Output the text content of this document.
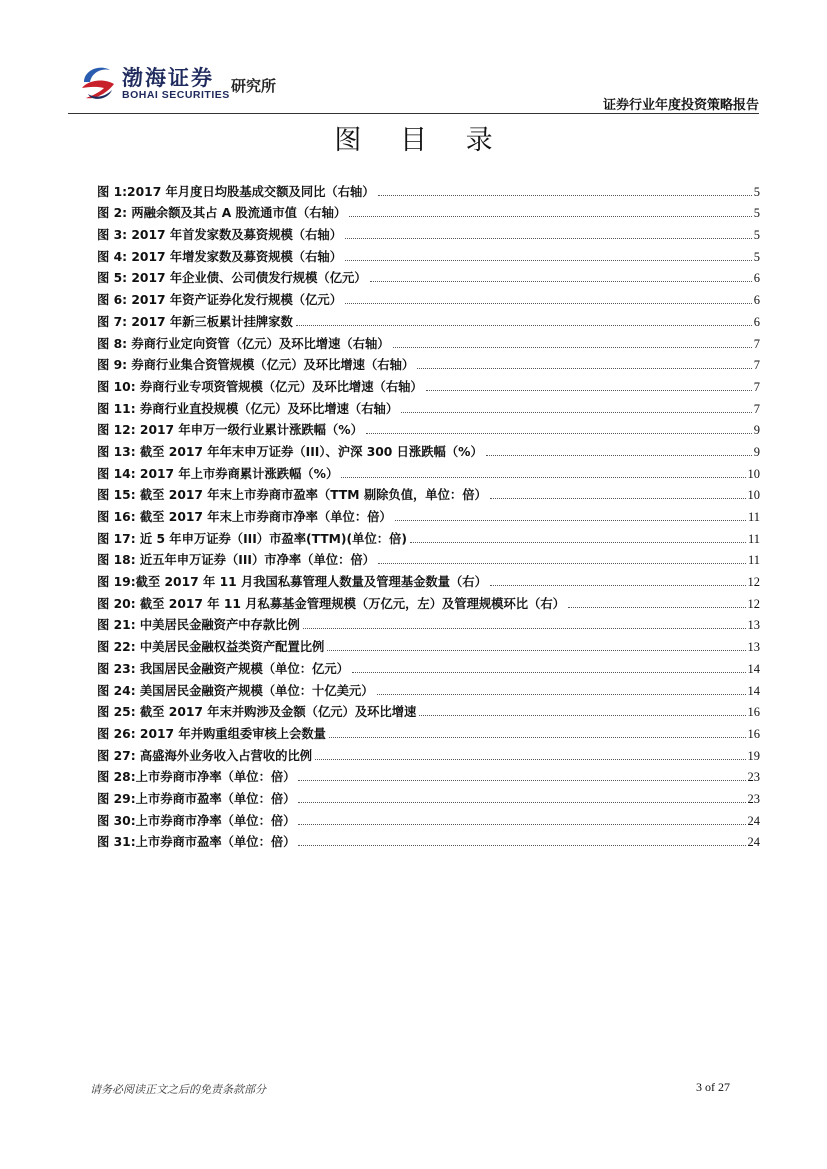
渤海证券
BOHAI SECURITIES 研究所
证券行业年度投资策略报告
图 目 录
图 1:2017 年月度日均股基成交额及同比（右轴）	5
图 2: 两融余额及其占 A 股流通市值（右轴）	5
图 3: 2017 年首发家数及募资规模（右轴）	5
图 4: 2017 年增发家数及募资规模（右轴）	5
图 5: 2017 年企业债、公司债发行规模（亿元）	6
图 6: 2017 年资产证券化发行规模（亿元）	6
图 7: 2017 年新三板累计挂牌家数	6
图 8: 券商行业定向资管（亿元）及环比增速（右轴）	7
图 9: 券商行业集合资管规模（亿元）及环比增速（右轴）	7
图 10: 券商行业专项资管规模（亿元）及环比增速（右轴）	7
图 11: 券商行业直投规模（亿元）及环比增速（右轴）	7
图 12: 2017 年申万一级行业累计涨跌幅（%）	9
图 13: 截至 2017 年年末申万证券（III）、沪深 300 日涨跌幅（%）	9
图 14: 2017 年上市券商累计涨跌幅（%）	10
图 15: 截至 2017 年末上市券商市盈率（TTM 剔除负值，单位：倍）	10
图 16: 截至 2017 年末上市券商市净率（单位：倍）	11
图 17: 近 5 年申万证券（III）市盈率(TTM)(单位：倍)	11
图 18: 近五年申万证券（III）市净率（单位：倍）	11
图 19:截至 2017 年 11 月我国私募管理人数量及管理基金数量（右）	12
图 20: 截至 2017 年 11 月私募基金管理规模（万亿元，左）及管理规模环比（右）	12
图 21: 中美居民金融资产中存款比例	13
图 22: 中美居民金融权益类资产配置比例	13
图 23: 我国居民金融资产规模（单位：亿元）	14
图 24: 美国居民金融资产规模（单位：十亿美元）	14
图 25: 截至 2017 年末并购涉及金额（亿元）及环比增速	16
图 26: 2017 年并购重组委审核上会数量	16
图 27: 高盛海外业务收入占营收的比例	19
图 28:上市券商市净率（单位：倍）	23
图 29:上市券商市盈率（单位：倍）	23
图 30:上市券商市净率（单位：倍）	24
图 31:上市券商市盈率（单位：倍）	24
请务必阅读正文之后的免责条款部分	3 of 27
